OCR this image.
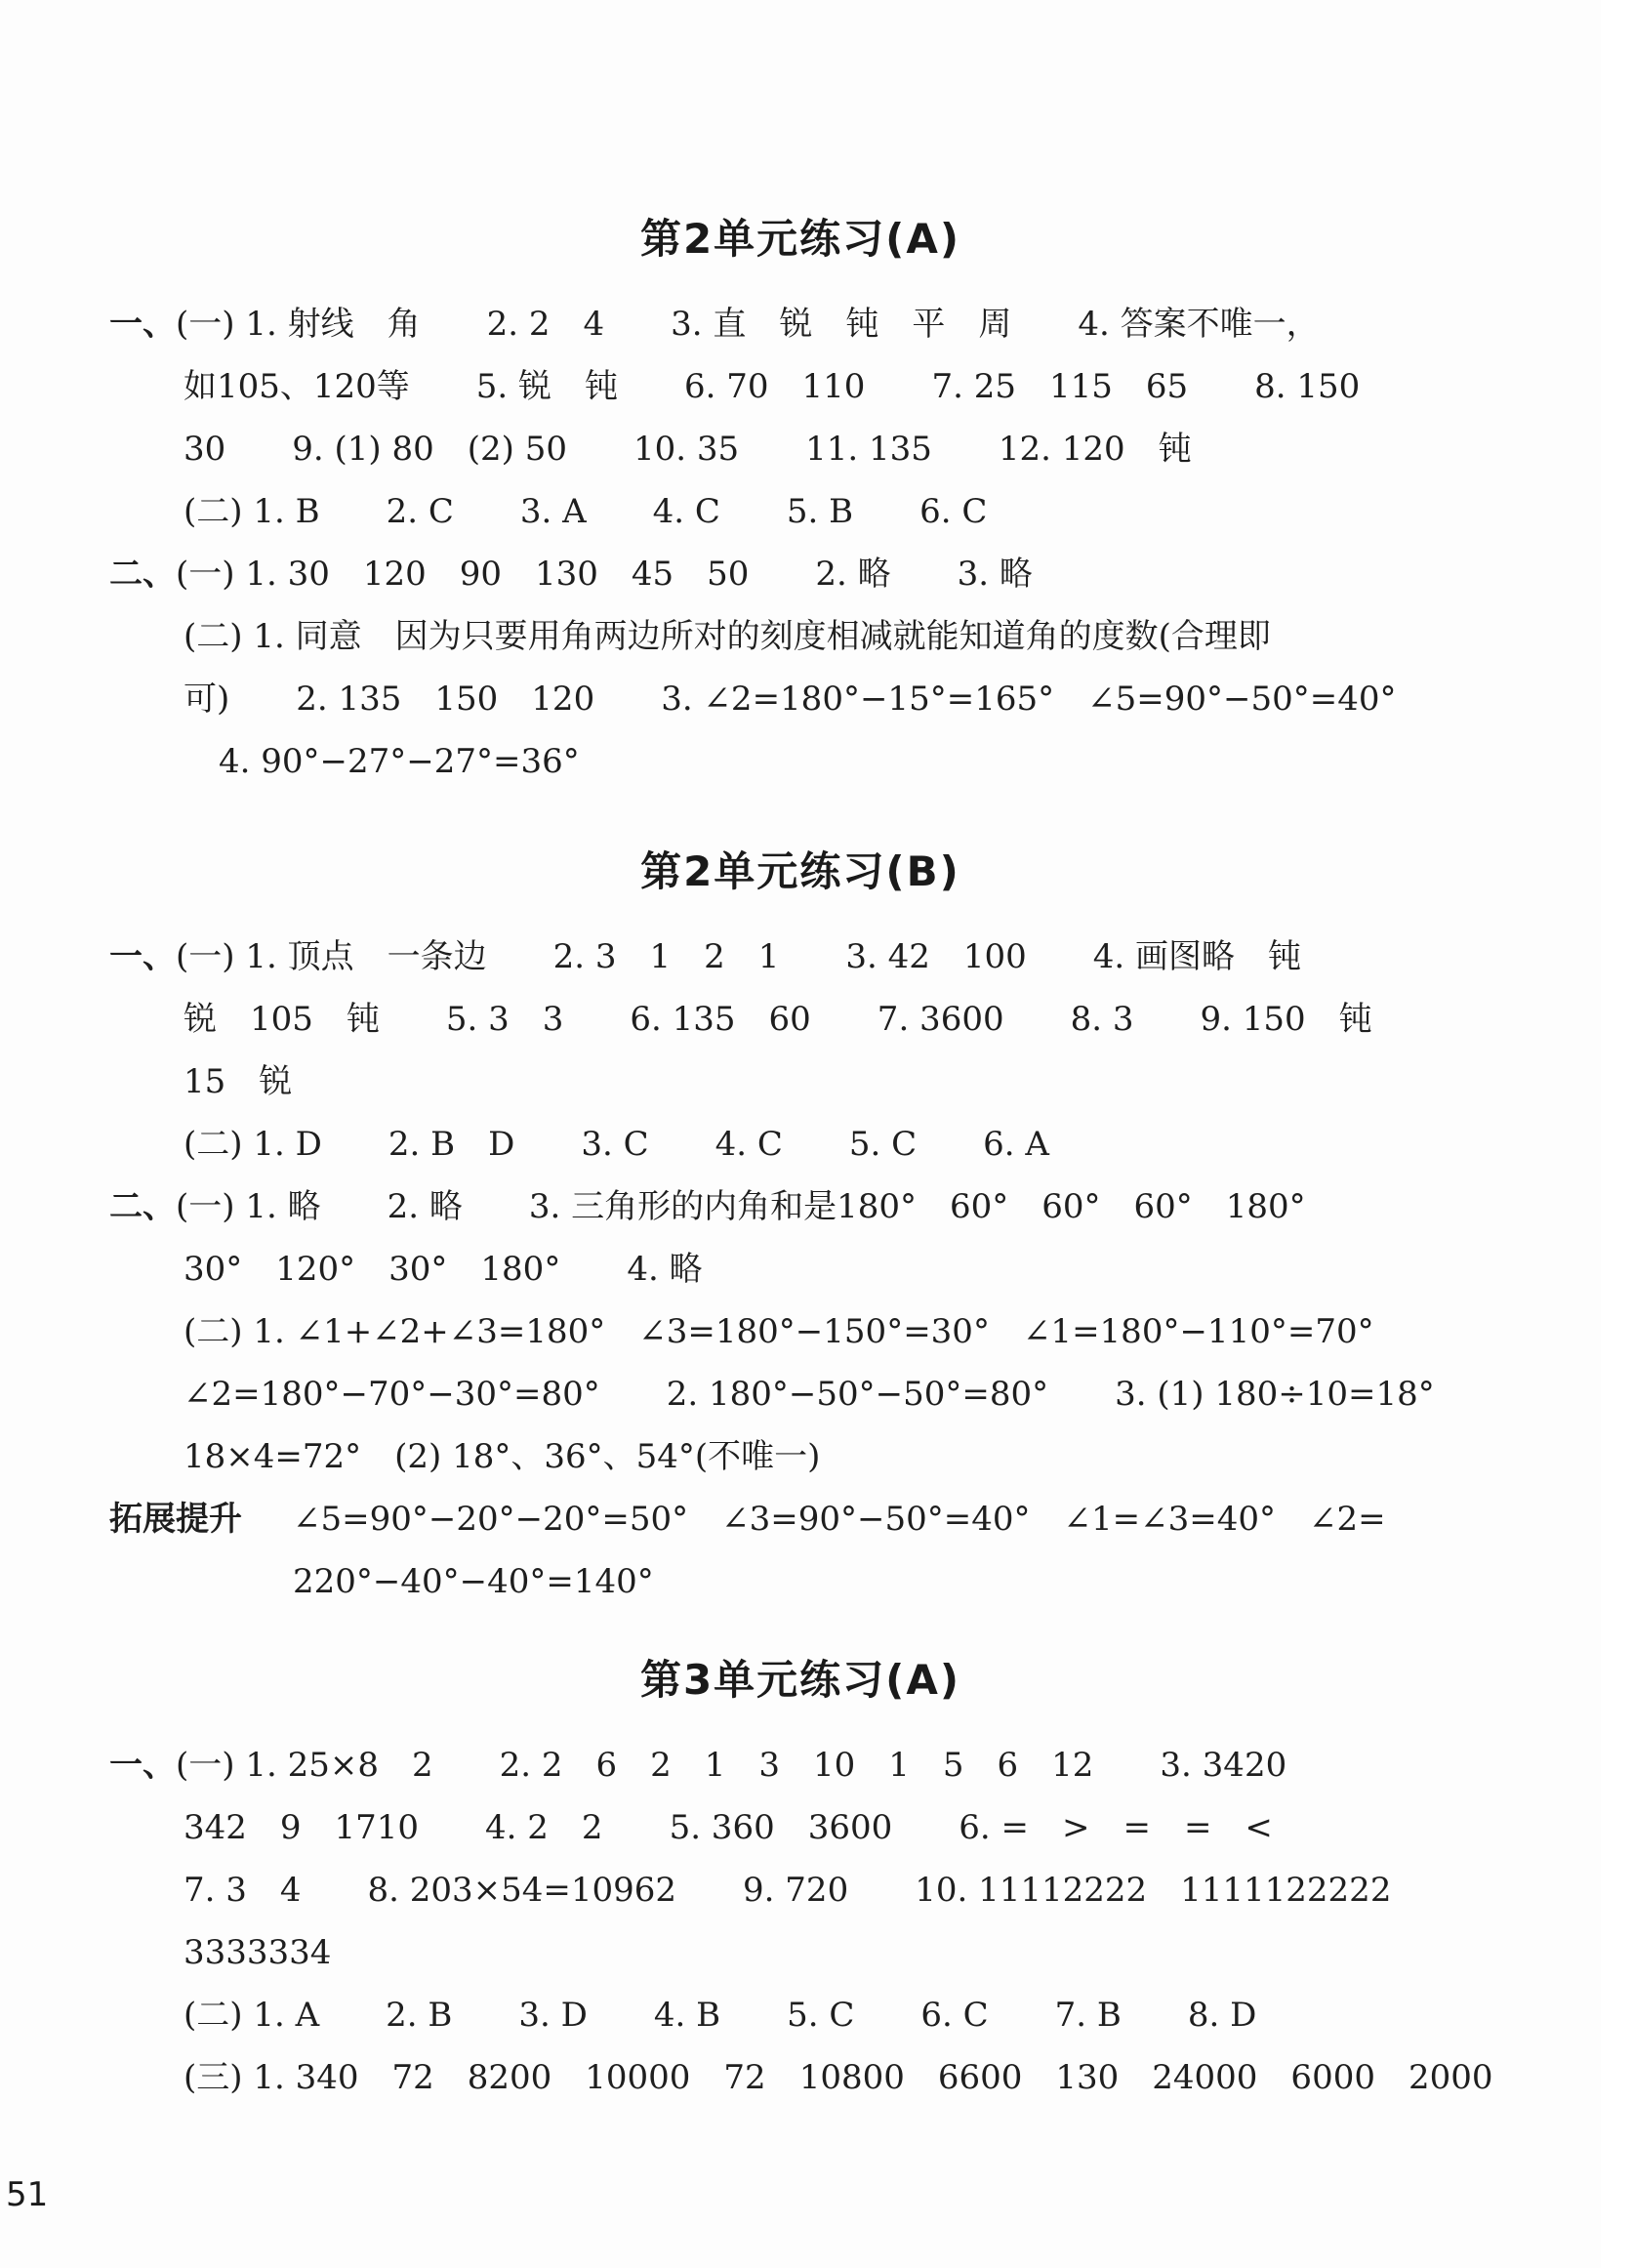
第2单元练习(A)
一、(一) 1. 射线　角　　2. 2　4　　3. 直　锐　钝　平　周　　4. 答案不唯一，
如105、120等　　5. 锐　钝　　6. 70　110　　7. 25　115　65　　8. 150
30　　9. (1) 80　(2) 50　　10. 35　　11. 135　　12. 120　钝
(二) 1. B　　2. C　　3. A　　4. C　　5. B　　6. C
二、(一) 1. 30　120　90　130　45　50　　2. 略　　3. 略
(二) 1. 同意　因为只要用角两边所对的刻度相减就能知道角的度数(合理即
可)　　2. 135　150　120　　3. ∠2=180°−15°=165°　∠5=90°−50°=40°
4. 90°−27°−27°=36°
第2单元练习(B)
一、(一) 1. 顶点　一条边　　2. 3　1　2　1　　3. 42　100　　4. 画图略　钝
锐　105　钝　　5. 3　3　　6. 135　60　　7. 3600　　8. 3　　9. 150　钝
15　锐
(二) 1. D　　2. B　D　　3. C　　4. C　　5. C　　6. A
二、(一) 1. 略　　2. 略　　3. 三角形的内角和是180°　60°　60°　60°　180°
30°　120°　30°　180°　　4. 略
(二) 1. ∠1+∠2+∠3=180°　∠3=180°−150°=30°　∠1=180°−110°=70°
∠2=180°−70°−30°=80°　　2. 180°−50°−50°=80°　　3. (1) 180÷10=18°
18×4=72°　(2) 18°、36°、54°(不唯一)
拓展提升 ∠5=90°−20°−20°=50°　∠3=90°−50°=40°　∠1=∠3=40°　∠2=
220°−40°−40°=140°
第3单元练习(A)
一、(一) 1. 25×8　2　　2. 2　6　2　1　3　10　1　5　6　12　　3. 3420
342　9　1710　　4. 2　2　　5. 360　3600　　6. =　>　=　=　<
7. 3　4　　8. 203×54=10962　　9. 720　　10. 11112222　1111122222
3333334
(二) 1. A　　2. B　　3. D　　4. B　　5. C　　6. C　　7. B　　8. D
(三) 1. 340　72　8200　10000　72　10800　6600　130　24000　6000　2000
51
